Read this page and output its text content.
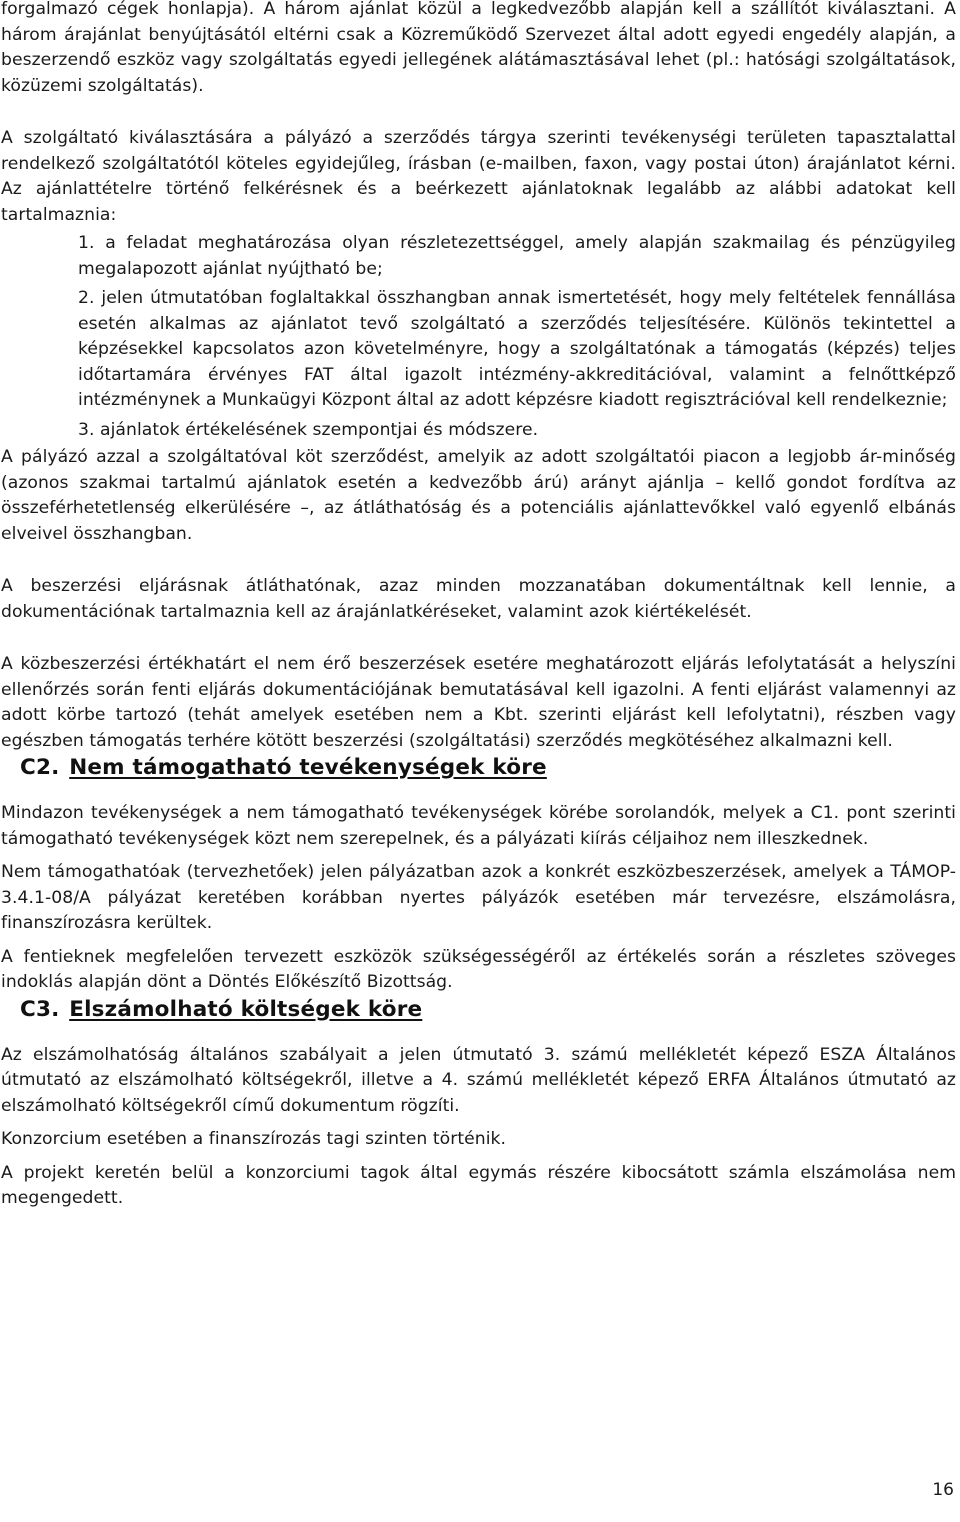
forgalmazó cégek honlapja). A három ajánlat közül a legkedvezőbb alapján kell a szállítót kiválasztani. A három árajánlat benyújtásától eltérni csak a Közreműködő Szervezet által adott egyedi engedély alapján, a beszerzendő eszköz vagy szolgáltatás egyedi jellegének alátámasztásával lehet (pl.: hatósági szolgáltatások, közüzemi szolgáltatás).

A szolgáltató kiválasztására a pályázó a szerződés tárgya szerinti tevékenységi területen tapasztalattal rendelkező szolgáltatótól köteles egyidejűleg, írásban (e-mailben, faxon, vagy postai úton) árajánlatot kérni. Az ajánlattételre történő felkérésnek és a beérkezett ajánlatoknak legalább az alábbi adatokat kell tartalmaznia:

1. a feladat meghatározása olyan részletezettséggel, amely alapján szakmailag és pénzügyileg megalapozott ajánlat nyújtható be;

2. jelen útmutatóban foglaltakkal összhangban annak ismertetését, hogy mely feltételek fennállása esetén alkalmas az ajánlatot tevő szolgáltató a szerződés teljesítésére. Különös tekintettel a képzésekkel kapcsolatos azon követelményre, hogy a szolgáltatónak a támogatás (képzés) teljes időtartamára érvényes FAT által igazolt intézmény-akkreditációval, valamint a felnőttképző intézménynek a Munkaügyi Központ által az adott képzésre kiadott regisztrációval kell rendelkeznie;

3. ajánlatok értékelésének szempontjai és módszere.

A pályázó azzal a szolgáltatóval köt szerződést, amelyik az adott szolgáltatói piacon a legjobb ár-minőség (azonos szakmai tartalmú ajánlatok esetén a kedvezőbb árú) arányt ajánlja – kellő gondot fordítva az összeférhetetlenség elkerülésére –, az átláthatóság és a potenciális ajánlattevőkkel való egyenlő elbánás elveivel összhangban.

A beszerzési eljárásnak átláthatónak, azaz minden mozzanatában dokumentáltnak kell lennie, a dokumentációnak tartalmaznia kell az árajánlatkéréseket, valamint azok kiértékelését.

A közbeszerzési értékhatárt el nem érő beszerzések esetére meghatározott eljárás lefolytatását a helyszíni ellenőrzés során fenti eljárás dokumentációjának bemutatásával kell igazolni. A fenti eljárást valamennyi az adott körbe tartozó (tehát amelyek esetében nem a Kbt. szerinti eljárást kell lefolytatni), részben vagy egészben támogatás terhére kötött beszerzési (szolgáltatási) szerződés megkötéséhez alkalmazni kell.

C2. Nem támogatható tevékenységek köre

Mindazon tevékenységek a nem támogatható tevékenységek körébe sorolandók, melyek a C1. pont szerinti támogatható tevékenységek közt nem szerepelnek, és a pályázati kiírás céljaihoz nem illeszkednek.

Nem támogathatóak (tervezhetőek) jelen pályázatban azok a konkrét eszközbeszerzések, amelyek a TÁMOP-3.4.1-08/A pályázat keretében korábban nyertes pályázók esetében már tervezésre, elszámolásra, finanszírozásra kerültek.

A fentieknek megfelelően tervezett eszközök szükségességéről az értékelés során a részletes szöveges indoklás alapján dönt a Döntés Előkészítő Bizottság.

C3. Elszámolható költségek köre

Az elszámolhatóság általános szabályait a jelen útmutató 3. számú mellékletét képező ESZA Általános útmutató az elszámolható költségekről, illetve a 4. számú mellékletét képező ERFA Általános útmutató az elszámolható költségekről című dokumentum rögzíti.

Konzorcium esetében a finanszírozás tagi szinten történik.

A projekt keretén belül a konzorciumi tagok által egymás részére kibocsátott számla elszámolása nem megengedett.

16
